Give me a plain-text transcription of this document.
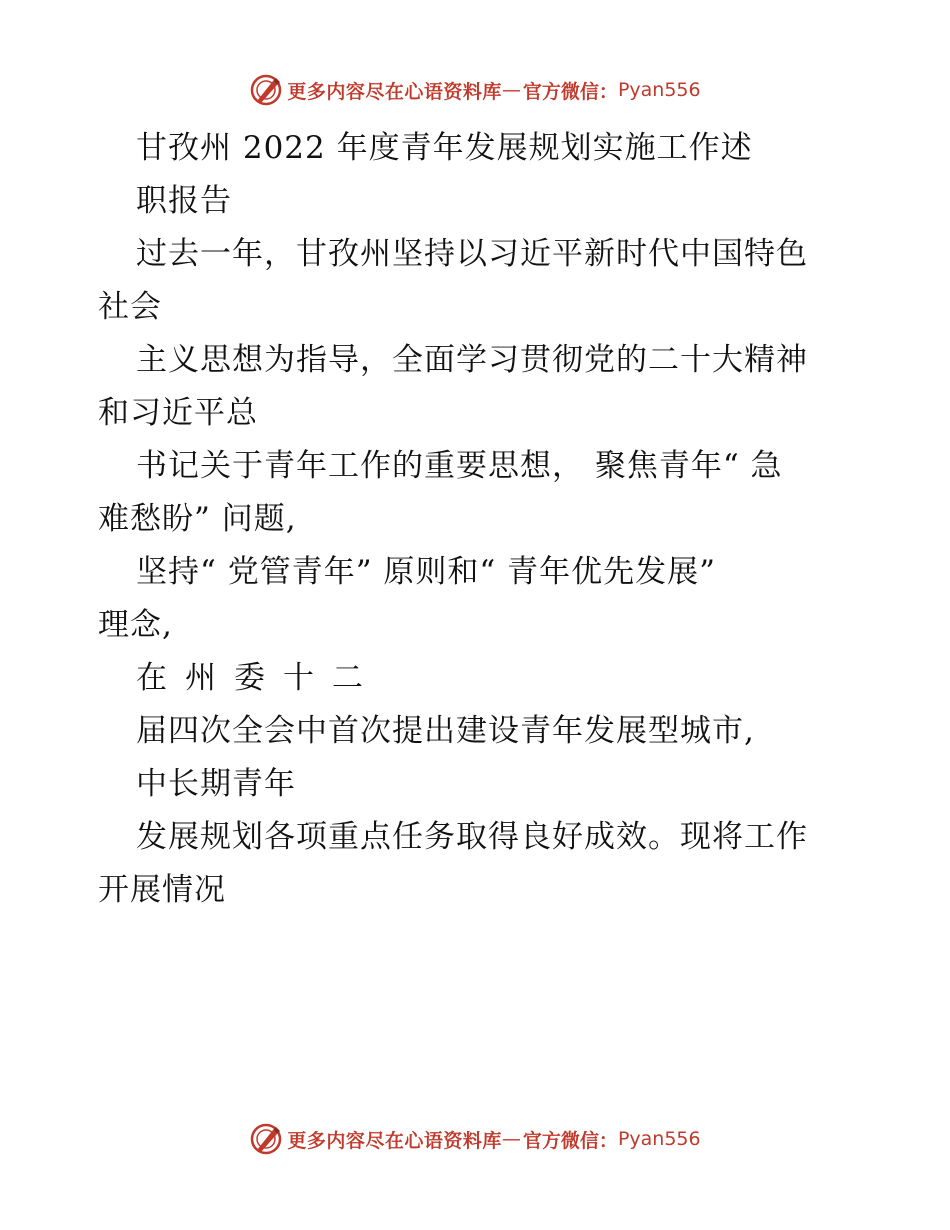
更多内容尽在心语资料库 — 官方微信： Pyan556
甘孜州 2022 年度青年发展规划实施工作述
职报告
过去一年，甘孜州坚持以习近平新时代中国特色
社会
主义思想为指导，全面学习贯彻党的二十大精神
和习近平总
书记关于青年工作的重要思想， 聚焦青年“ 急
难愁盼” 问题,
坚持“ 党管青年” 原则和“ 青年优先发展”
理念,
在州委十二
届四次全会中首次提出建设青年发展型城市,
中长期青年
发展规划各项重点任务取得良好成效。现将工作
开展情况
更多内容尽在心语资料库 — 官方微信： Pyan556
